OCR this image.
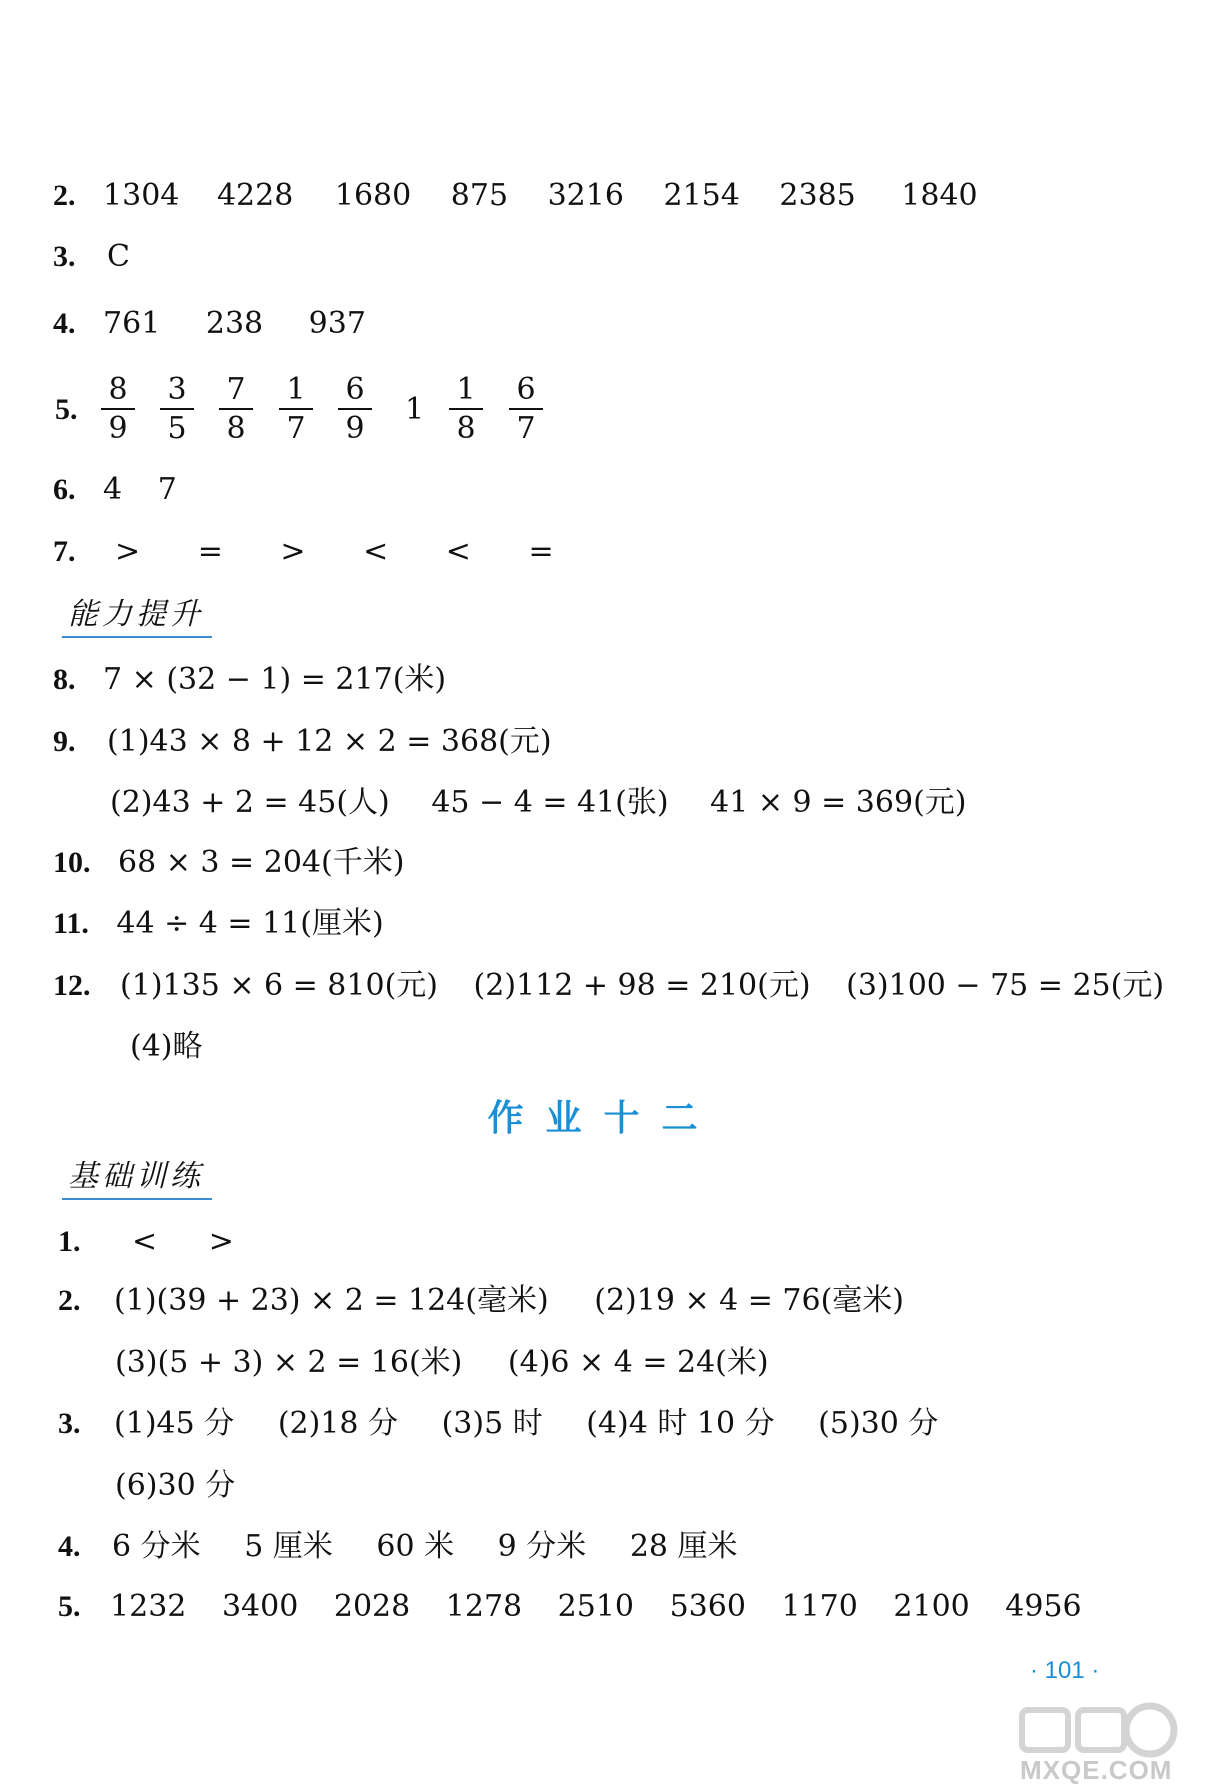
2. 1304 4228 1680 875 3216 2154 2385 1840
3. C
4. 761 238 937
5. $\frac{8}{9} \frac{3}{5} \frac{7}{8} \frac{1}{7} \frac{6}{9} 1 \frac{1}{8} \frac{6}{7}$
6. 4 7
7. > = > < < =
能力提升
8. 7 × (32 − 1) = 217(米)
9. (1)43 × 8 + 12 × 2 = 368(元)
(2)43 + 2 = 45(人) 45 − 4 = 41(张) 41 × 9 = 369(元)
10. 68 × 3 = 204(千米)
11. 44 ÷ 4 = 11(厘米)
12. (1)135 × 6 = 810(元) (2)112 + 98 = 210(元) (3)100 − 75 = 25(元)
(4)略
作业十二
基础训练
1. < >
2. (1)(39 + 23) × 2 = 124(毫米) (2)19 × 4 = 76(毫米)
(3)(5 + 3) × 2 = 16(米) (4)6 × 4 = 24(米)
3. (1)45 分 (2)18 分 (3)5 时 (4)4 时 10 分 (5)30 分
(6)30 分
4. 6 分米 5 厘米 60 米 9 分米 28 厘米
5. 1232 3400 2028 1278 2510 5360 1170 2100 4956
· 101 ·
MXQE.COM
